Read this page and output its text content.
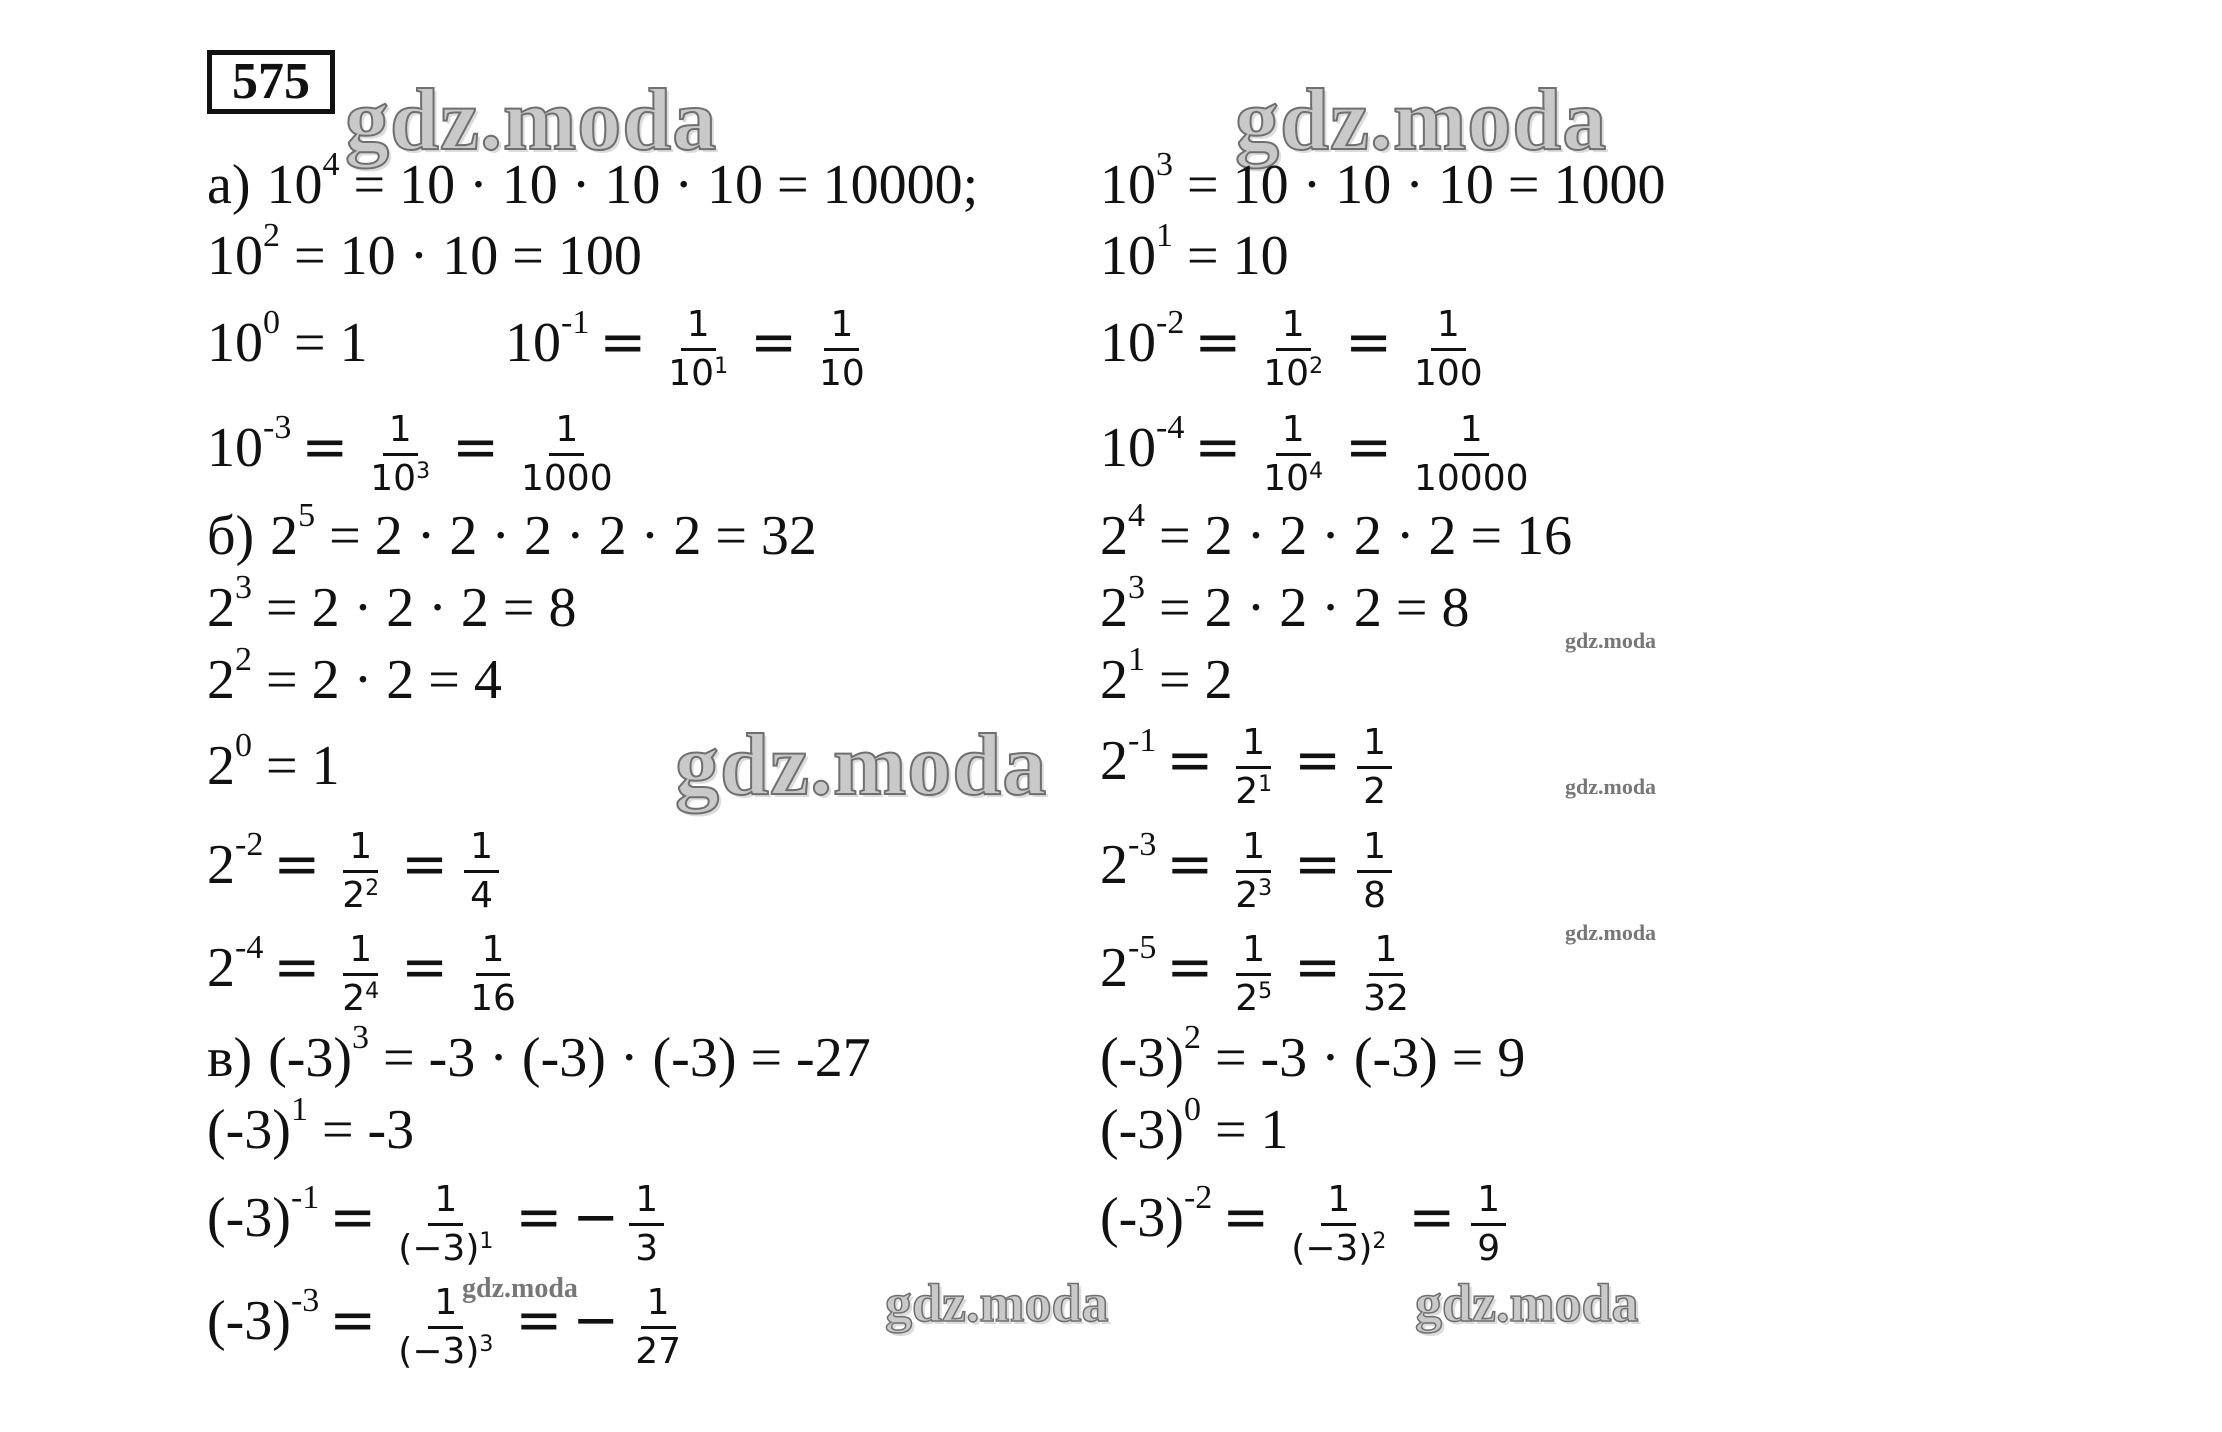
575 gdz.moda	gdz.moda
gdz.moda
gdz.moda	gdz.moda
gdz.moda
gdz.moda
gdz.moda
gdz.moda
а) $10^4 = 10 \cdot 10 \cdot 10 \cdot 10 = 10000$;
$10^2 = 10 \cdot 10 = 100$
$10^0 = 1$ $10^{-1} = \frac{1}{10^1} = \frac{1}{10}$
$10^{-3} = \frac{1}{10^3} = \frac{1}{1000}$
б) $2^5 = 2 \cdot 2 \cdot 2 \cdot 2 \cdot 2 = 32$
$2^3 = 2 \cdot 2 \cdot 2 = 8$
$2^2 = 2 \cdot 2 = 4$
$2^0 = 1$
$2^{-2} = \frac{1}{2^2} = \frac{1}{4}$
$2^{-4} = \frac{1}{2^4} = \frac{1}{16}$
в) $(-3)^3 = -3 \cdot (-3) \cdot (-3) = -27$
$(-3)^1 = -3$
$(-3)^{-1} = \frac{1}{(-3)^1}$ = − $\frac{1}{3}$
$(-3)^{-3} = \frac{1}{(-3)^3}$ = − $\frac{1}{27}$
$10^3 = 10 \cdot 10 \cdot 10 = 1000$
$10^1 = 10$
$10^{-2} = \frac{1}{10^2} = \frac{1}{100}$
$10^{-4} = \frac{1}{10^4} = \frac{1}{10000}$
$2^4 = 2 \cdot 2 \cdot 2 \cdot 2 = 16$
$2^3 = 2 \cdot 2 \cdot 2 = 8$
$2^1 = 2$
$2^{-1} = \frac{1}{2^1} = \frac{1}{2}$
$2^{-3} = \frac{1}{2^3} = \frac{1}{8}$
$2^{-5} = \frac{1}{2^5} = \frac{1}{32}$
$(-3)^2 = -3 \cdot (-3) = 9$
$(-3)^0 = 1$
$(-3)^{-2} = \frac{1}{(-3)^2} = \frac{1}{9}$
